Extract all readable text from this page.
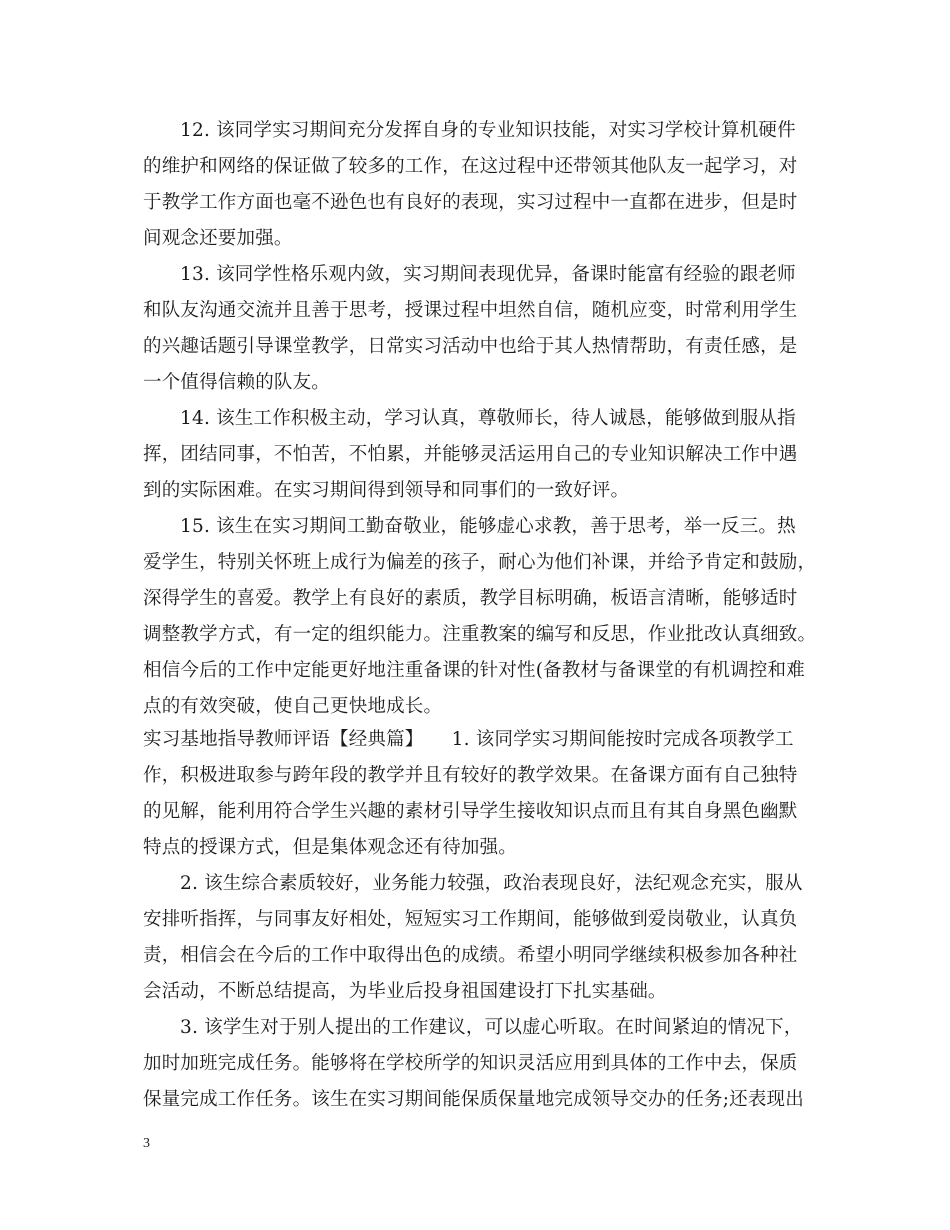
12. 该同学实习期间充分发挥自身的专业知识技能，对实习学校计算机硬件
的维护和网络的保证做了较多的工作，在这过程中还带领其他队友一起学习，对
于教学工作方面也毫不逊色也有良好的表现，实习过程中一直都在进步，但是时
间观念还要加强。
13. 该同学性格乐观内敛，实习期间表现优异，备课时能富有经验的跟老师
和队友沟通交流并且善于思考，授课过程中坦然自信，随机应变，时常利用学生
的兴趣话题引导课堂教学，日常实习活动中也给于其人热情帮助，有责任感，是
一个值得信赖的队友。
14. 该生工作积极主动，学习认真，尊敬师长，待人诚恳，能够做到服从指
挥，团结同事，不怕苦，不怕累，并能够灵活运用自己的专业知识解决工作中遇
到的实际困难。在实习期间得到领导和同事们的一致好评。
15. 该生在实习期间工勤奋敬业，能够虚心求教，善于思考，举一反三。热
爱学生，特别关怀班上成行为偏差的孩子，耐心为他们补课，并给予肯定和鼓励，
深得学生的喜爱。教学上有良好的素质，教学目标明确，板语言清晰，能够适时
调整教学方式，有一定的组织能力。注重教案的编写和反思，作业批改认真细致。
相信今后的工作中定能更好地注重备课的针对性(备教材与备课堂的有机调控和难
点的有效突破，使自己更快地成长。
实习基地指导教师评语【经典篇】　　1. 该同学实习期间能按时完成各项教学工
作，积极进取参与跨年段的教学并且有较好的教学效果。在备课方面有自己独特
的见解，能利用符合学生兴趣的素材引导学生接收知识点而且有其自身黑色幽默
特点的授课方式，但是集体观念还有待加强。
2. 该生综合素质较好，业务能力较强，政治表现良好，法纪观念充实，服从
安排听指挥，与同事友好相处，短短实习工作期间，能够做到爱岗敬业，认真负
责，相信会在今后的工作中取得出色的成绩。希望小明同学继续积极参加各种社
会活动，不断总结提高，为毕业后投身祖国建设打下扎实基础。
3. 该学生对于别人提出的工作建议，可以虚心听取。在时间紧迫的情况下，
加时加班完成任务。能够将在学校所学的知识灵活应用到具体的工作中去，保质
保量完成工作任务。该生在实习期间能保质保量地完成领导交办的任务;还表现出
3
